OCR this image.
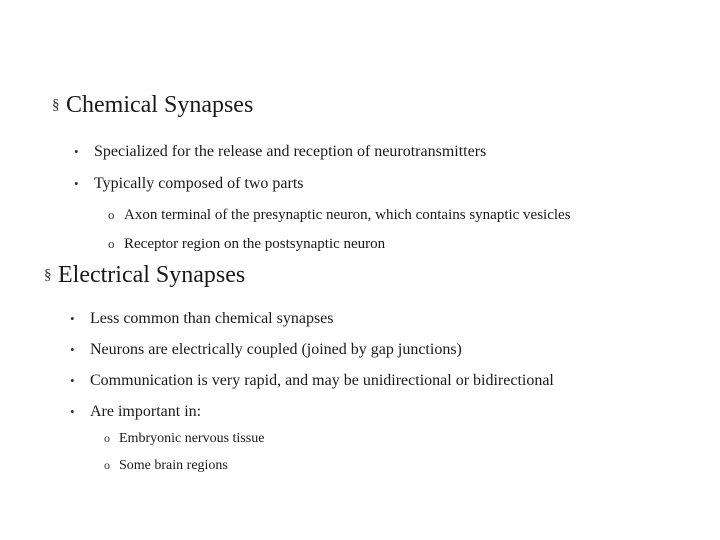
§ Chemical Synapses
• Specialized for the release and reception of neurotransmitters
• Typically composed of two parts
o Axon terminal of the presynaptic neuron, which contains synaptic vesicles
o Receptor region on the postsynaptic neuron
§ Electrical Synapses
• Less common than chemical synapses
• Neurons are electrically coupled (joined by gap junctions)
• Communication is very rapid, and may be unidirectional or bidirectional
• Are important in:
o Embryonic nervous tissue
o Some brain regions
